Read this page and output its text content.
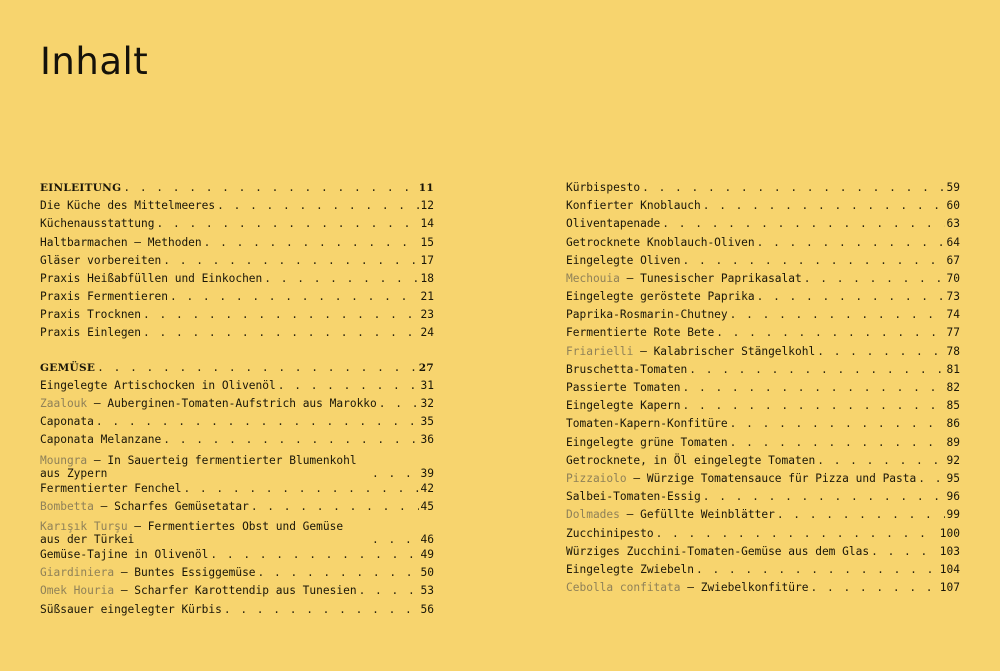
Inhalt
EINLEITUNG . . .	11
Die Küche des Mittelmeeres . . .	12
Küchenausstattung . . .	14
Haltbarmachen – Methoden . . .	15
Gläser vorbereiten . . .	17
Praxis Heißabfüllen und Einkochen . . .	18
Praxis Fermentieren . . .	21
Praxis Trocknen . . .	23
Praxis Einlegen . . .	24
GEMÜSE . . .	27
Eingelegte Artischocken in Olivenöl . . .	31
Zaalouk – Auberginen-Tomaten-Aufstrich aus Marokko . . .	32
Caponata . . .	35
Caponata Melanzane . . .	36
Moungra – In Sauerteig fermentierter Blumenkohl aus Zypern . . .	39
Fermentierter Fenchel . . .	42
Bombetta – Scharfes Gemüsetatar . . .	45
Karışık Turşu – Fermentiertes Obst und Gemüse aus der Türkei . . .	46
Gemüse-Tajine in Olivenöl . . .	49
Giardiniera – Buntes Essiggemüse . . .	50
Omek Houria – Scharfer Karottendip aus Tunesien . . .	53
Süßsauer eingelegter Kürbis . . .	56
Kürbispesto . . .	59
Konfierter Knoblauch . . .	60
Oliventapenade . . .	63
Getrocknete Knoblauch-Oliven . . .	64
Eingelegte Oliven . . .	67
Mechouia – Tunesischer Paprikasalat . . .	70
Eingelegte geröstete Paprika . . .	73
Paprika-Rosmarin-Chutney . . .	74
Fermentierte Rote Bete . . .	77
Friarielli – Kalabrischer Stängelkohl . . .	78
Bruschetta-Tomaten . . .	81
Passierte Tomaten . . .	82
Eingelegte Kapern . . .	85
Tomaten-Kapern-Konfitüre . . .	86
Eingelegte grüne Tomaten . . .	89
Getrocknete, in Öl eingelegte Tomaten . . .	92
Pizzaiolo – Würzige Tomatensauce für Pizza und Pasta . . .	95
Salbei-Tomaten-Essig . . .	96
Dolmades – Gefüllte Weinblätter . . .	99
Zucchinipesto . . .	100
Würziges Zucchini-Tomaten-Gemüse aus dem Glas . . .	103
Eingelegte Zwiebeln . . .	104
Cebolla confitata – Zwiebelkonfitüre . . .	107
